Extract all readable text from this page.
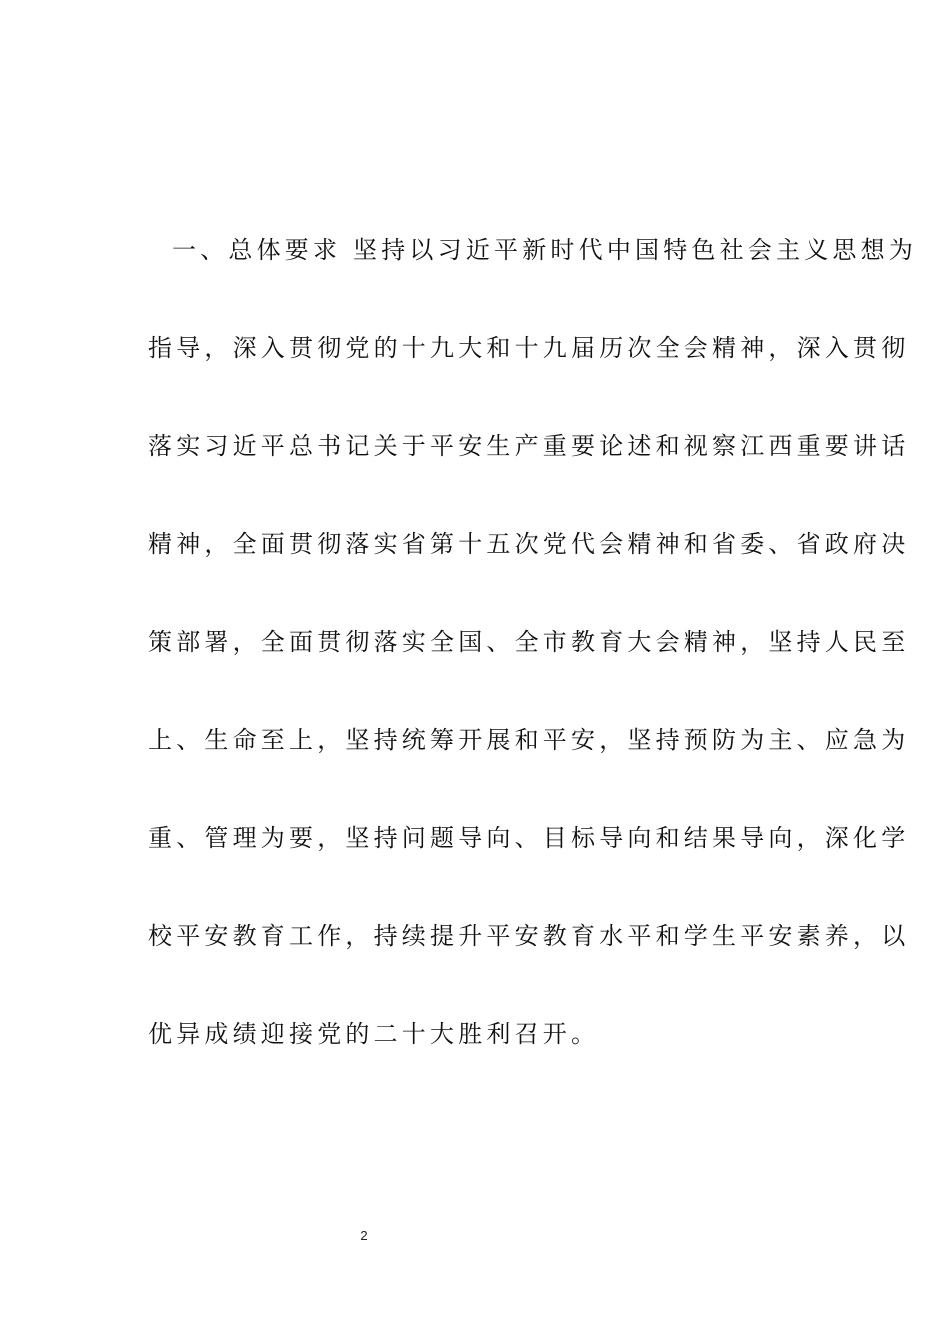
一、总体要求 坚持以习近平新时代中国特色社会主义思想为
指导，深入贯彻党的十九大和十九届历次全会精神，深入贯彻
落实习近平总书记关于平安生产重要论述和视察江西重要讲话
精神，全面贯彻落实省第十五次党代会精神和省委、省政府决
策部署，全面贯彻落实全国、全市教育大会精神，坚持人民至
上、生命至上，坚持统筹开展和平安，坚持预防为主、应急为
重、管理为要，坚持问题导向、目标导向和结果导向，深化学
校平安教育工作，持续提升平安教育水平和学生平安素养，以
优异成绩迎接党的二十大胜利召开。
2
